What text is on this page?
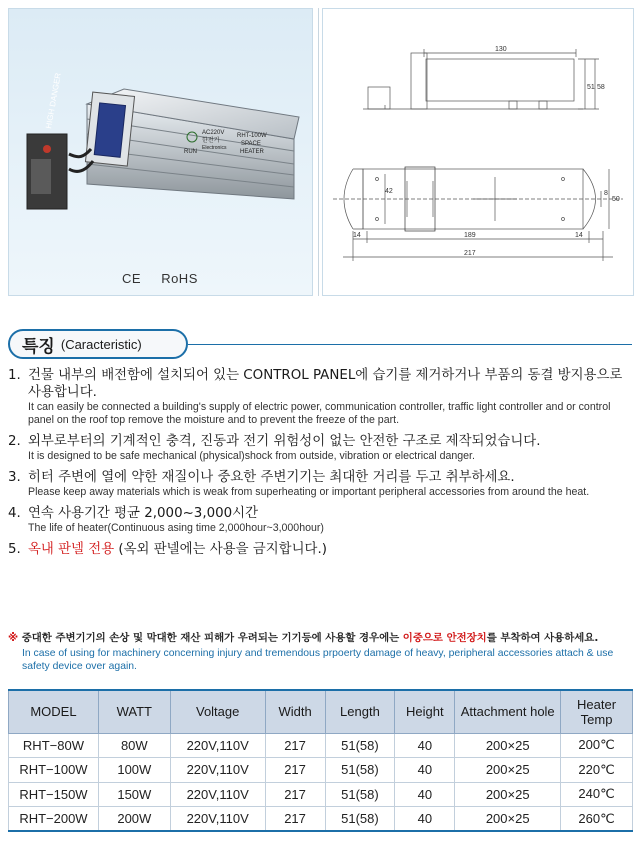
HIGH DANGER
AC220V
한전기
Electronics
RHT-100W
SPACE
HEATER
RUN
CE RoHS
130
51 58
42	8
50
14	189	14
217
특징 (Caracteristic)
1. 건물 내부의 배전함에 설치되어 있는 CONTROL PANEL에 습기를 제거하거나 부품의 동결 방지용으로 사용합니다.
It can easily be connected a building's supply of electric power, communication controller, traffic light controller and or control panel on the roof top remove the moisture and to prevent the freeze of the part.
2. 외부로부터의 기계적인 충격, 진동과 전기 위험성이 없는 안전한 구조로 제작되었습니다.
It is designed to be safe mechanical (physical)shock from outside, vibration or electrical danger.
3. 히터 주변에 열에 약한 재질이나 중요한 주변기기는 최대한 거리를 두고 취부하세요.
Please keep away materials which is weak from superheating or important peripheral accessories from around the heat.
4. 연속 사용기간 평균 2,000~3,000시간
The life of heater(Continuous asing time 2,000hour~3,000hour)
5. 옥내 판넬 전용 (옥외 판넬에는 사용을 금지합니다.)
※ 중대한 주변기기의 손상 및 막대한 재산 피해가 우려되는 기기등에 사용할 경우에는 이중으로 안전장치를 부착하여 사용하세요.
In case of using for machinery concerning injury and tremendous prpoerty damage of heavy, peripheral accessories attach & use safety device over again.
MODEL	WATT	Voltage	Width	Length	Height	Attachment hole	Heater Temp
RHT−80W	80W	220V,110V	217	51(58)	40	200×25	200℃
RHT−100W	100W	220V,110V	217	51(58)	40	200×25	220℃
RHT−150W	150W	220V,110V	217	51(58)	40	200×25	240℃
RHT−200W	200W	220V,110V	217	51(58)	40	200×25	260℃
